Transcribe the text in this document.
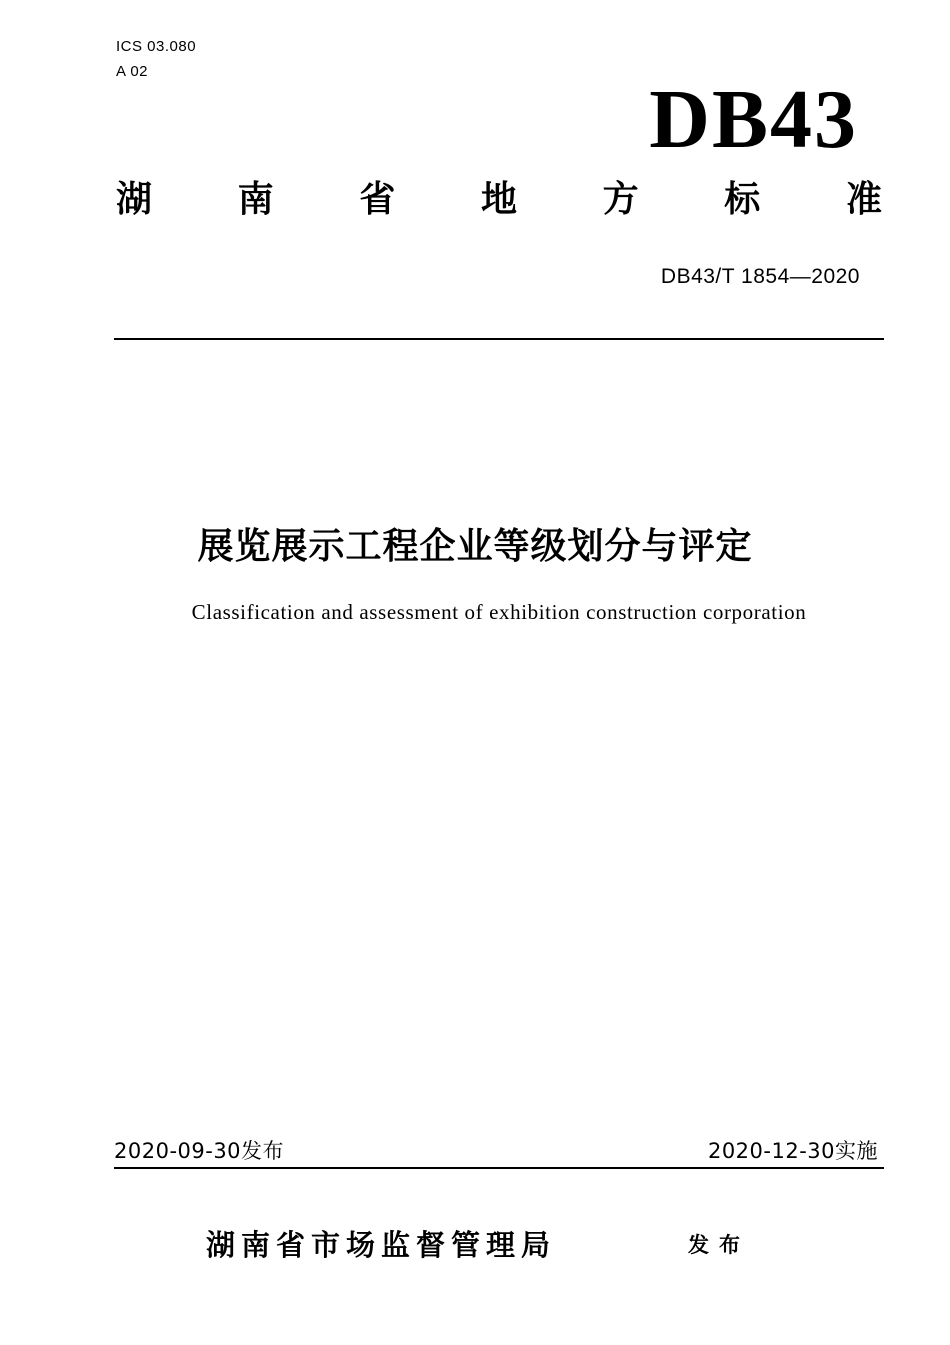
ICS 03.080
A 02
DB43
湖 南 省 地 方 标 准
DB43/T 1854—2020
展览展示工程企业等级划分与评定
Classification and assessment of exhibition construction corporation
2020-09-30发布	2020-12-30实施
湖南省市场监督管理局	发布
